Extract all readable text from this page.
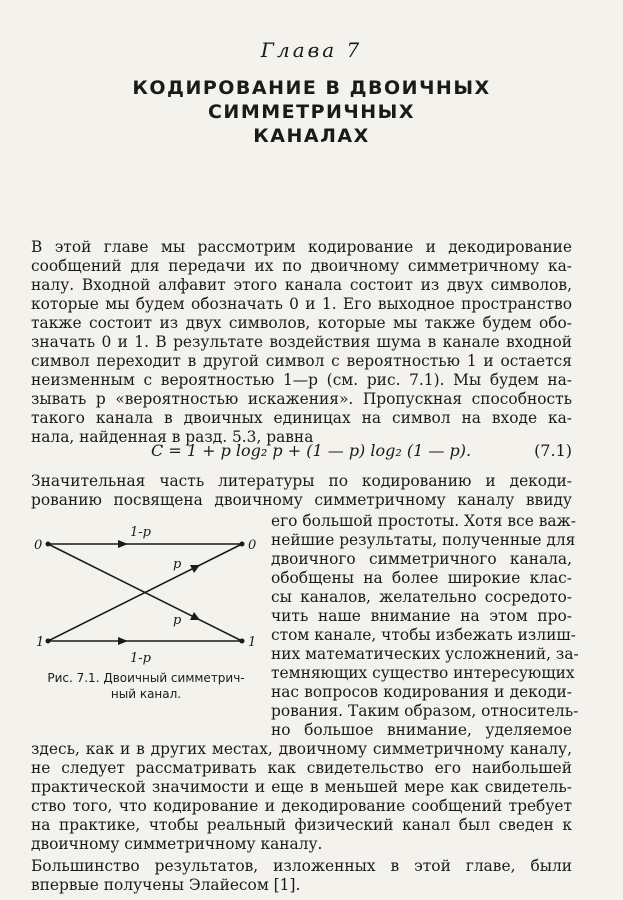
Глава 7
КОДИРОВАНИЕ В ДВОИЧНЫХ СИММЕТРИЧНЫХ
КАНАЛАХ
В этой главе мы рассмотрим кодирование и декодирование
сообщений для передачи их по двоичному симметричному ка-
налу. Входной алфавит этого канала состоит из двух символов,
которые мы будем обозначать 0 и 1. Его выходное пространство
также состоит из двух символов, которые мы также будем обо-
значать 0 и 1. В результате воздействия шума в канале входной
символ переходит в другой символ с вероятностью 1 и остается
неизменным с вероятностью 1—p (см. рис. 7.1). Мы будем на-
зывать p «вероятностью искажения». Пропускная способность
такого канала в двоичных единицах на символ на входе ка-
нала, найденная в разд. 5.3, равна
C = 1 + p log₂ p + (1 — p) log₂ (1 — p).	(7.1)
Значительная часть литературы по кодированию и декоди-
рованию посвящена двоичному симметричному каналу ввиду
его большой простоты. Хотя все важ-
нейшие результаты, полученные для
двоичного симметричного канала,
обобщены на более широкие клас-
сы каналов, желательно сосредото-
чить наше внимание на этом про-
стом канале, чтобы избежать излиш-
них математических усложнений, за-
темняющих существо интересующих
нас вопросов кодирования и декоди-
рования. Таким образом, относитель-
но большое внимание, уделяемое
здесь, как и в других местах, двоичному симметричному каналу,
не следует рассматривать как свидетельство его наибольшей
практической значимости и еще в меньшей мере как свидетель-
ство того, что кодирование и декодирование сообщений требует
на практике, чтобы реальный физический канал был сведен к
двоичному симметричному каналу.
Большинство результатов, изложенных в этой главе, были
впервые получены Элайесом [1].
0	0
1	1
1-p
1-p
p
p
Рис. 7.1. Двоичный симметрич-
ный канал.
